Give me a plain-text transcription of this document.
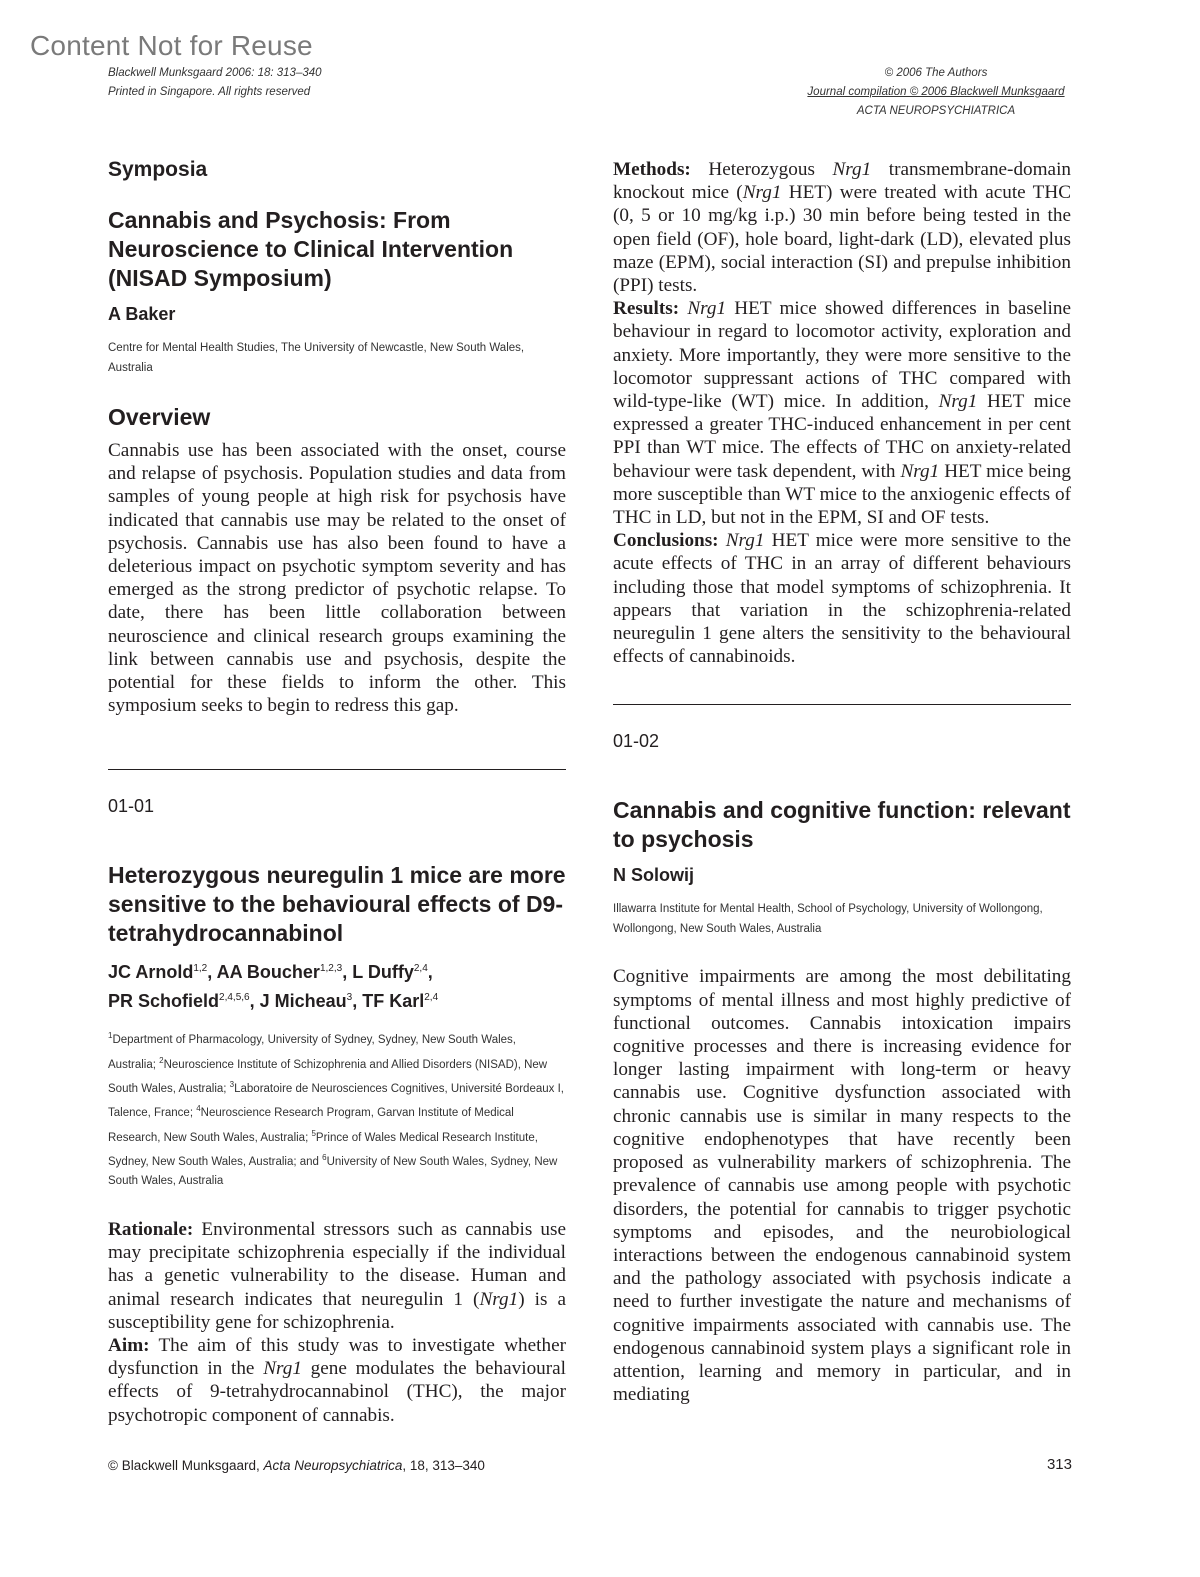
Content Not for Reuse
Blackwell Munksgaard 2006: 18: 313–340
Printed in Singapore. All rights reserved
© 2006 The Authors
Journal compilation © 2006 Blackwell Munksgaard
ACTA NEUROPSYCHIATRICA
Symposia
Cannabis and Psychosis: From Neuroscience to Clinical Intervention (NISAD Symposium)
A Baker
Centre for Mental Health Studies, The University of Newcastle, New South Wales, Australia
Overview

Cannabis use has been associated with the onset, course and relapse of psychosis. Population studies and data from samples of young people at high risk for psychosis have indicated that cannabis use may be related to the onset of psychosis. Cannabis use has also been found to have a deleterious impact on psychotic symptom severity and has emerged as the strong predictor of psychotic relapse. To date, there has been little collaboration between neuroscience and clinical research groups examining the link between cannabis use and psychosis, despite the potential for these fields to inform the other. This symposium seeks to begin to redress this gap.

01-01
Heterozygous neuregulin 1 mice are more sensitive to the behavioural effects of D9-tetrahydrocannabinol
JC Arnold$^{1,2}$, AA Boucher$^{1,2,3}$, L Duffy$^{2,4}$,
PR Schofield$^{2,4,5,6}$, J Micheau$^3$, TF Karl$^{2,4}$
$^1$Department of Pharmacology, University of Sydney, Sydney, New South Wales, Australia; $^2$Neuroscience Institute of Schizophrenia and Allied Disorders (NISAD), New South Wales, Australia; $^3$Laboratoire de Neurosciences Cognitives, Université Bordeaux I, Talence, France; $^4$Neuroscience Research Program, Garvan Institute of Medical Research, New South Wales, Australia; $^5$Prince of Wales Medical Research Institute, Sydney, New South Wales, Australia; and $^6$University of New South Wales, Sydney, New South Wales, Australia

Rationale: Environmental stressors such as cannabis use may precipitate schizophrenia especially if the individual has a genetic vulnerability to the disease. Human and animal research indicates that neuregulin 1 (Nrg1) is a susceptibility gene for schizophrenia.
Aim: The aim of this study was to investigate whether dysfunction in the Nrg1 gene modulates the behavioural effects of 9-tetrahydrocannabinol (THC), the major psychotropic component of cannabis.

Methods: Heterozygous Nrg1 transmembrane-domain knockout mice (Nrg1 HET) were treated with acute THC (0, 5 or 10 mg/kg i.p.) 30 min before being tested in the open field (OF), hole board, light-dark (LD), elevated plus maze (EPM), social interaction (SI) and prepulse inhibition (PPI) tests.
Results: Nrg1 HET mice showed differences in baseline behaviour in regard to locomotor activity, exploration and anxiety. More importantly, they were more sensitive to the locomotor suppressant actions of THC compared with wild-type-like (WT) mice. In addition, Nrg1 HET mice expressed a greater THC-induced enhancement in per cent PPI than WT mice. The effects of THC on anxiety-related behaviour were task dependent, with Nrg1 HET mice being more susceptible than WT mice to the anxiogenic effects of THC in LD, but not in the EPM, SI and OF tests.
Conclusions: Nrg1 HET mice were more sensitive to the acute effects of THC in an array of different behaviours including those that model symptoms of schizophrenia. It appears that variation in the schizophrenia-related neuregulin 1 gene alters the sensitivity to the behavioural effects of cannabinoids.

01-02
Cannabis and cognitive function: relevant to psychosis
N Solowij
Illawarra Institute for Mental Health, School of Psychology, University of Wollongong, Wollongong, New South Wales, Australia

Cognitive impairments are among the most debilitating symptoms of mental illness and most highly predictive of functional outcomes. Cannabis intoxication impairs cognitive processes and there is increasing evidence for longer lasting impairment with long-term or heavy cannabis use. Cognitive dysfunction associated with chronic cannabis use is similar in many respects to the cognitive endophenotypes that have recently been proposed as vulnerability markers of schizophrenia. The prevalence of cannabis use among people with psychotic disorders, the potential for cannabis to trigger psychotic symptoms and episodes, and the neurobiological interactions between the endogenous cannabinoid system and the pathology associated with psychosis indicate a need to further investigate the nature and mechanisms of cognitive impairments associated with cannabis use. The endogenous cannabinoid system plays a significant role in attention, learning and memory in particular, and in mediating

© Blackwell Munksgaard, Acta Neuropsychiatrica, 18, 313–340	313
